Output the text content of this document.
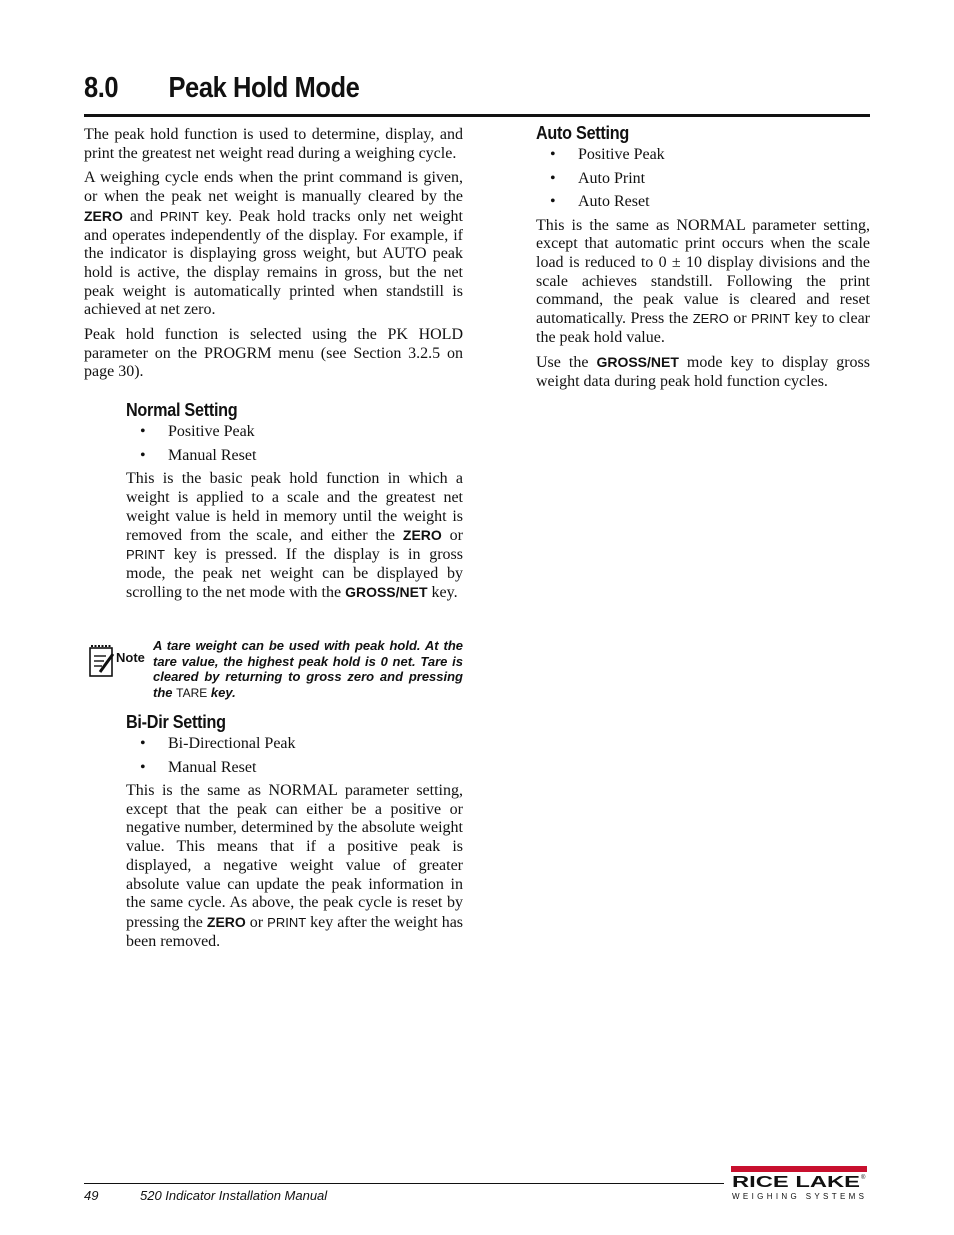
8.0 Peak Hold Mode

The peak hold function is used to determine, display, and print the greatest net weight read during a weighing cycle.

A weighing cycle ends when the print command is given, or when the peak net weight is manually cleared by the ZERO and PRINT key. Peak hold tracks only net weight and operates independently of the display. For example, if the indicator is displaying gross weight, but AUTO peak hold is active, the display remains in gross, but the net peak weight is automatically printed when standstill is achieved at net zero.

Peak hold function is selected using the PK HOLD parameter on the PROGRM menu (see Section 3.2.5 on page 30).

Normal Setting
• Positive Peak
• Manual Reset

This is the basic peak hold function in which a weight is applied to a scale and the greatest net weight value is held in memory until the weight is removed from the scale, and either the ZERO or PRINT key is pressed. If the display is in gross mode, the peak net weight can be displayed by scrolling to the net mode with the GROSS/NET key.

Note
A tare weight can be used with peak hold. At the tare value, the highest peak hold is 0 net. Tare is cleared by returning to gross zero and pressing the TARE key.
Bi-Dir Setting
• Bi-Directional Peak
• Manual Reset

This is the same as NORMAL parameter setting, except that the peak can either be a positive or negative number, determined by the absolute weight value. This means that if a positive peak is displayed, a negative weight value of greater absolute value can update the peak information in the same cycle. As above, the peak cycle is reset by pressing the ZERO or PRINT key after the weight has been removed.

Auto Setting
• Positive Peak
• Auto Print
• Auto Reset

This is the same as NORMAL parameter setting, except that automatic print occurs when the scale load is reduced to 0 ± 10 display divisions and the scale achieves standstill. Following the print command, the peak value is cleared and reset automatically. Press the ZERO or PRINT key to clear the peak hold value.

Use the GROSS/NET mode key to display gross weight data during peak hold function cycles.

49	520 Indicator Installation Manual
RICE LAKE ®
WEIGHING SYSTEMS
